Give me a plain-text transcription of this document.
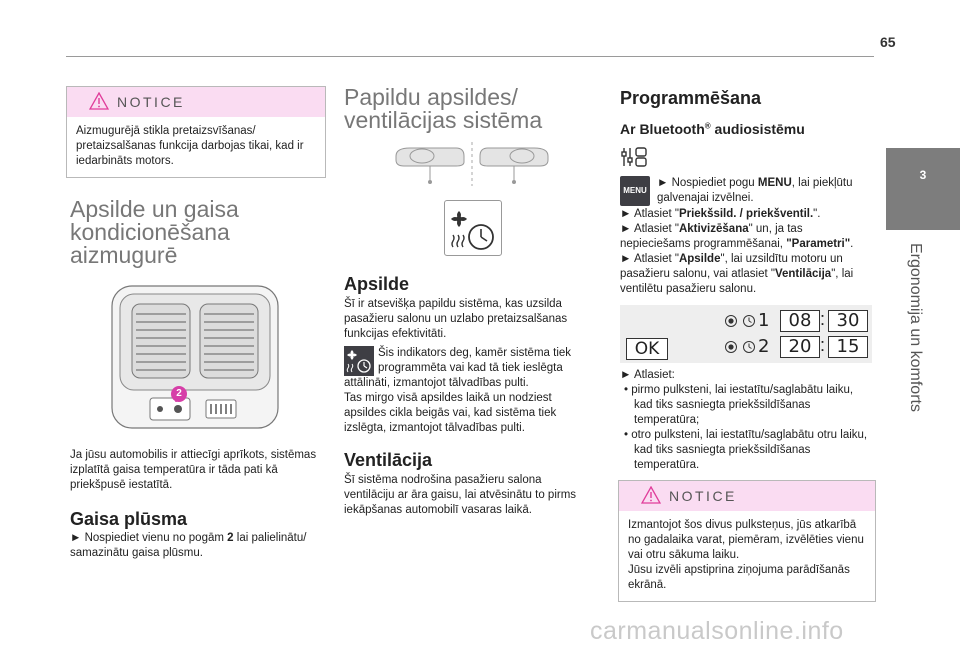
65
3
Ergonomija un komforts
NOTICE
Aizmugurējā stikla pretaizsvīšanas/ pretaizsalšanas funkcija darbojas tikai, kad ir iedarbināts motors.
Apsilde un gaisa
kondicionēšana
aizmugurē
2
Ja jūsu automobilis ir attiecīgi aprīkots, sistēmas izplatītā gaisa temperatūra ir tāda pati kā priekšpusē iestatītā.
Gaisa plūsma
► Nospiediet vienu no pogām 2 lai palielinātu/ samazinātu gaisa plūsmu.
Papildu apsildes/
ventilācijas sistēma
Apsilde
Šī ir atsevišķa papildu sistēma, kas uzsilda pasažieru salonu un uzlabo pretaizsalšanas funkcijas efektivitāti.
Šis indikators deg, kamēr sistēma tiek
programmēta vai kad tā tiek ieslēgta
attālināti, izmantojot tālvadības pulti.
Tas mirgo visā apsildes laikā un nodziest apsildes cikla beigās vai, kad sistēma tiek izslēgta, izmantojot tālvadības pulti.
Ventilācija
Šī sistēma nodrošina pasažieru salona ventilāciju ar āra gaisu, lai atvēsinātu to pirms iekāpšanas automobilī vasaras laikā.
Programmēšana
Ar Bluetooth® audiosistēmu
MENU
► Nospiediet pogu MENU, lai piekļūtu galvenajai izvēlnei.
► Atlasiet "Priekšsild. / priekšventil.".
► Atlasiet "Aktivizēšana" un, ja tas nepieciešams programmēšanai, "Parametri".
► Atlasiet "Apsilde", lai uzsildītu motoru un pasažieru salonu, vai atlasiet "Ventilācija", lai ventilētu pasažieru salonu.
OK
1	08 : 30
2	20 : 15
► Atlasiet:
• pirmo pulksteni, lai iestatītu/saglabātu laiku, kad tiks sasniegta priekšsildīšanas temperatūra;
• otro pulksteni, lai iestatītu/saglabātu otru laiku, kad tiks sasniegta priekšsildīšanas temperatūra.
NOTICE
Izmantojot šos divus pulksteņus, jūs atkarībā no gadalaika varat, piemēram, izvēlēties vienu vai otru sākuma laiku.
Jūsu izvēli apstiprina ziņojuma parādīšanās ekrānā.
carmanualsonline.info
